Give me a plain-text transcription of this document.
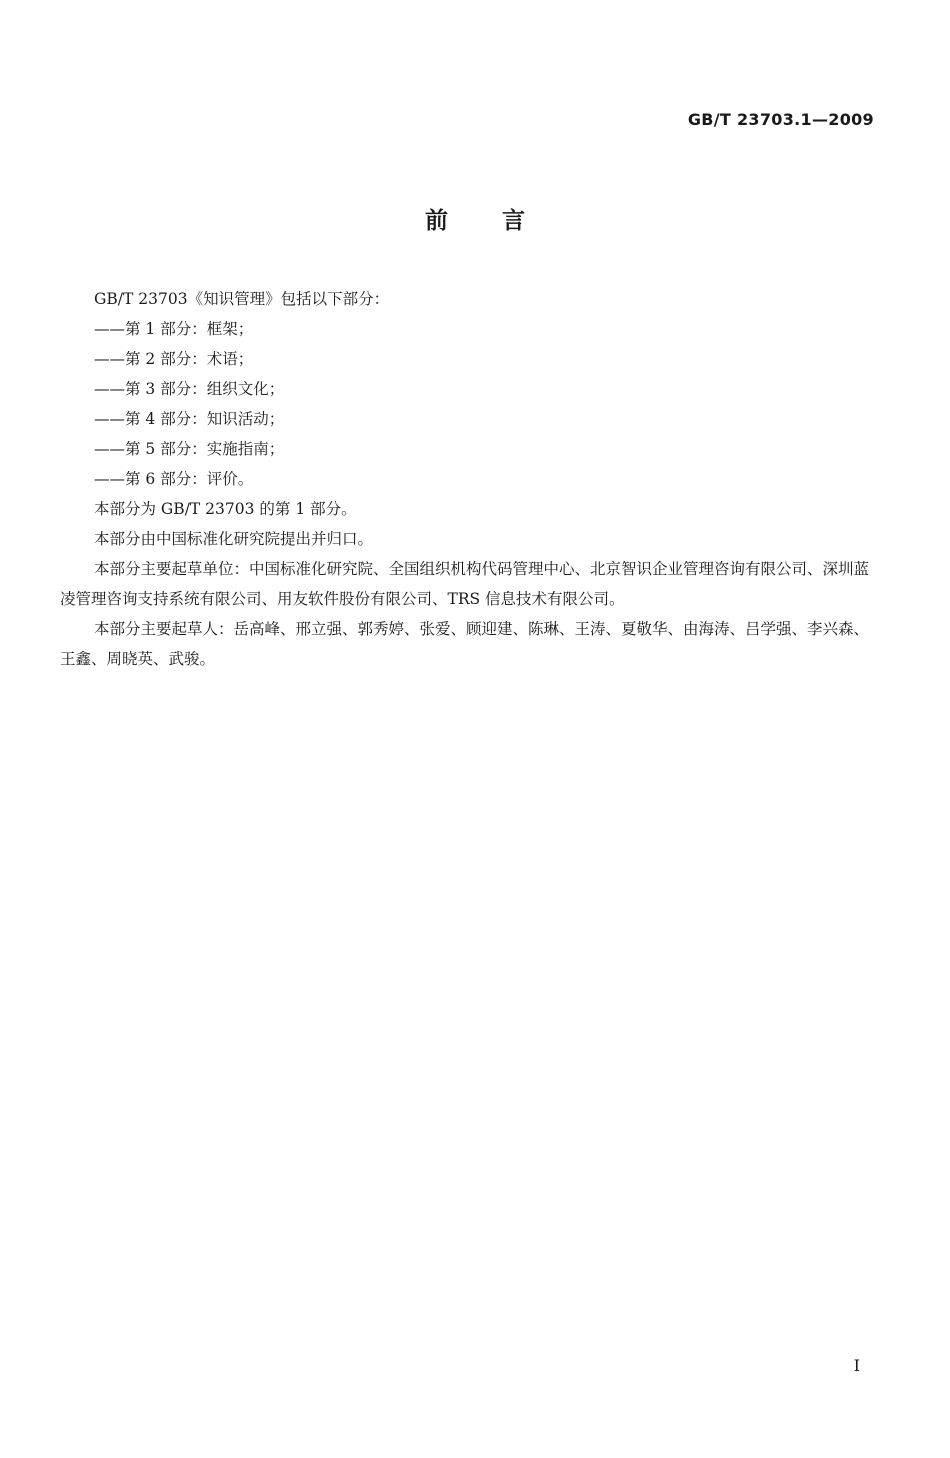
GB/T 23703.1—2009
前言

GB/T 23703《知识管理》包括以下部分：

——第 1 部分：框架；

——第 2 部分：术语；

——第 3 部分：组织文化；

——第 4 部分：知识活动；

——第 5 部分：实施指南；

——第 6 部分：评价。

本部分为 GB/T 23703 的第 1 部分。

本部分由中国标准化研究院提出并归口。

本部分主要起草单位：中国标准化研究院、全国组织机构代码管理中心、北京智识企业管理咨询有限公司、深圳蓝凌管理咨询支持系统有限公司、用友软件股份有限公司、TRS 信息技术有限公司。

本部分主要起草人：岳高峰、邢立强、郭秀婷、张爱、顾迎建、陈琳、王涛、夏敬华、由海涛、吕学强、李兴森、王鑫、周晓英、武骏。

I
